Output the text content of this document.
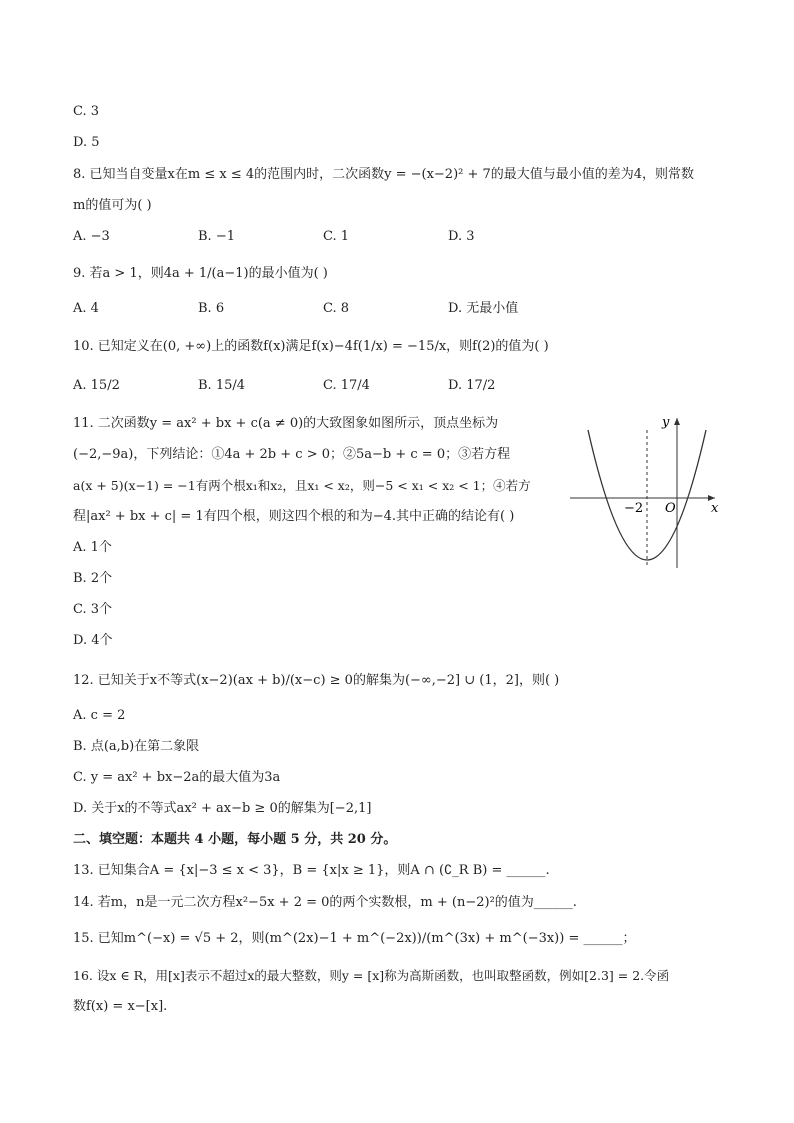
C. 3
D. 5
8. 已知当自变量x在m ≤ x ≤ 4的范围内时，二次函数y = −(x−2)² + 7的最大值与最小值的差为4，则常数
m的值可为( )
A. −3	B. −1	C. 1	D. 3
9. 若a > 1，则4a + 1/(a−1)的最小值为( )
A. 4	B. 6	C. 8	D. 无最小值
10. 已知定义在(0, +∞)上的函数f(x)满足f(x)−4f(1/x) = −15/x，则f(2)的值为( )
A. 15/2	B. 15/4	C. 17/4	D. 17/2
11. 二次函数y = ax² + bx + c(a ≠ 0)的大致图象如图所示，顶点坐标为
(−2,−9a)，下列结论：①4a + 2b + c > 0；②5a−b + c = 0；③若方程
a(x + 5)(x−1) = −1有两个根x₁和x₂，且x₁ < x₂，则−5 < x₁ < x₂ < 1；④若方
程|ax² + bx + c| = 1有四个根，则这四个根的和为−4.其中正确的结论有( )
A. 1个
B. 2个
C. 3个
D. 4个
y
x
O
−2
12. 已知关于x不等式(x−2)(ax + b)/(x−c) ≥ 0的解集为(−∞,−2] ∪ (1，2]，则( )
A. c = 2
B. 点(a,b)在第二象限
C. y = ax² + bx−2a的最大值为3a
D. 关于x的不等式ax² + ax−b ≥ 0的解集为[−2,1]
二、填空题：本题共 4 小题，每小题 5 分，共 20 分。
13. 已知集合A = {x|−3 ≤ x < 3}，B = {x|x ≥ 1}，则A ∩ (∁_R B) = ______.
14. 若m，n是一元二次方程x²−5x + 2 = 0的两个实数根，m + (n−2)²的值为______.
15. 已知m^(−x) = √5 + 2，则(m^(2x)−1 + m^(−2x))/(m^(3x) + m^(−3x)) = ______；
16. 设x ∈ R，用[x]表示不超过x的最大整数，则y = [x]称为高斯函数，也叫取整函数，例如[2.3] = 2.令函
数f(x) = x−[x].
